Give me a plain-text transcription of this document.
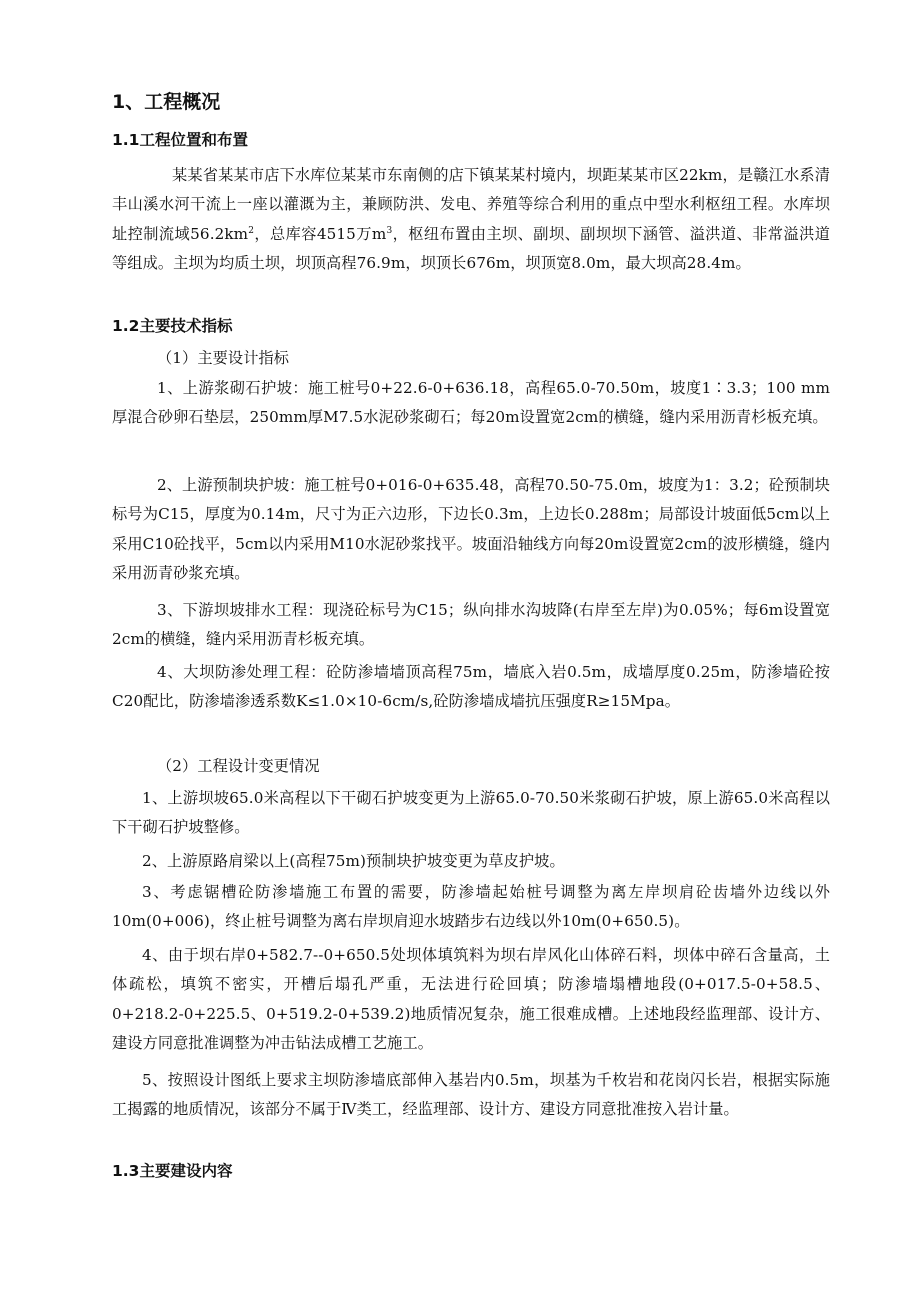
1、工程概况
1.1工程位置和布置
某某省某某市店下水库位某某市东南侧的店下镇某某村境内，坝距某某市区22km，是赣江水系清丰山溪水河干流上一座以灌溉为主，兼顾防洪、发电、养殖等综合利用的重点中型水利枢纽工程。水库坝址控制流域$56.2km^2$，总库容4515万$m^3$，枢纽布置由主坝、副坝、副坝坝下涵管、溢洪道、非常溢洪道等组成。主坝为均质土坝，坝顶高程76.9m，坝顶长676m，坝顶宽8.0m，最大坝高28.4m。
1.2主要技术指标
（1）主要设计指标
1、上游浆砌石护坡：施工桩号0+22.6-0+636.18，高程65.0-70.50m，坡度1∶3.3；100 mm厚混合砂卵石垫层，250mm厚M7.5水泥砂浆砌石；每20m设置宽2cm的横缝，缝内采用沥青杉板充填。
2、上游预制块护坡：施工桩号0+016-0+635.48，高程70.50-75.0m，坡度为1：3.2；砼预制块标号为C15，厚度为0.14m，尺寸为正六边形，下边长0.3m，上边长0.288m；局部设计坡面低5cm以上采用C10砼找平，5cm以内采用M10水泥砂浆找平。坡面沿轴线方向每20m设置宽2cm的波形横缝，缝内采用沥青砂浆充填。
3、下游坝坡排水工程：现浇砼标号为C15；纵向排水沟坡降(右岸至左岸)为0.05%；每6m设置宽2cm的横缝，缝内采用沥青杉板充填。
4、大坝防渗处理工程：砼防渗墙墙顶高程75m，墙底入岩0.5m，成墙厚度0.25m，防渗墙砼按C20配比，防渗墙渗透系数K≤1.0×10-6cm/s,砼防渗墙成墙抗压强度R≥15Mpa。
（2）工程设计变更情况
1、上游坝坡65.0米高程以下干砌石护坡变更为上游65.0-70.50米浆砌石护坡，原上游65.0米高程以下干砌石护坡整修。
2、上游原路肩梁以上(高程75m)预制块护坡变更为草皮护坡。
3、考虑锯槽砼防渗墙施工布置的需要，防渗墙起始桩号调整为离左岸坝肩砼齿墙外边线以外10m(0+006)，终止桩号调整为离右岸坝肩迎水坡踏步右边线以外10m(0+650.5)。
4、由于坝右岸0+582.7--0+650.5处坝体填筑料为坝右岸风化山体碎石料，坝体中碎石含量高，土体疏松，填筑不密实，开槽后塌孔严重，无法进行砼回填；防渗墙塌槽地段(0+017.5-0+58.5、0+218.2-0+225.5、0+519.2-0+539.2)地质情况复杂，施工很难成槽。上述地段经监理部、设计方、建设方同意批准调整为冲击钻法成槽工艺施工。
5、按照设计图纸上要求主坝防渗墙底部伸入基岩内0.5m，坝基为千枚岩和花岗闪长岩，根据实际施工揭露的地质情况，该部分不属于Ⅳ类工，经监理部、设计方、建设方同意批准按入岩计量。
1.3主要建设内容
